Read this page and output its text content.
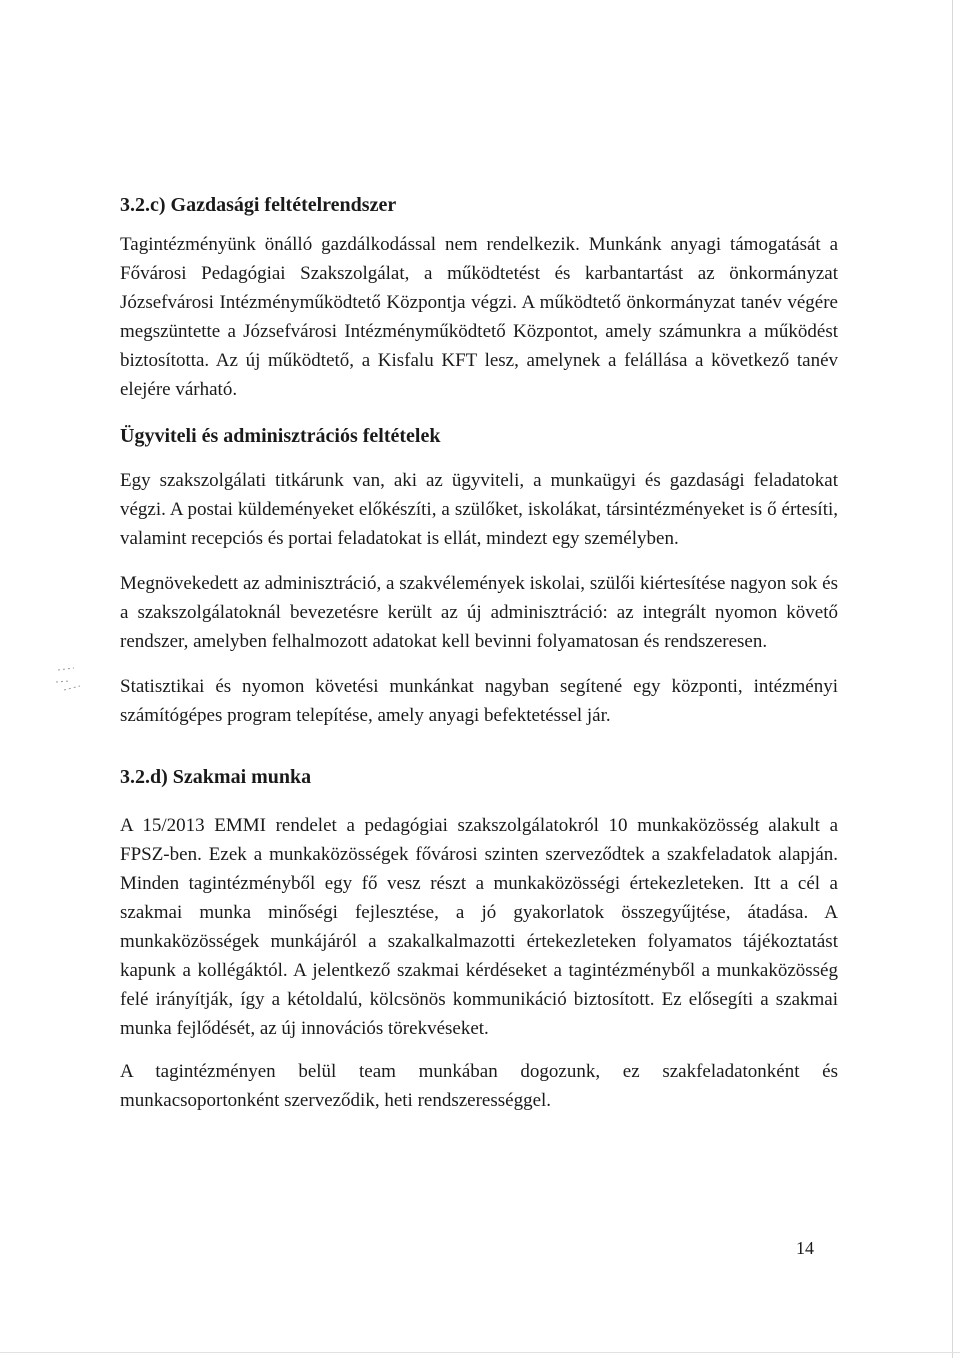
3.2.c) Gazdasági feltételrendszer

Tagintézményünk önálló gazdálkodással nem rendelkezik. Munkánk anyagi támogatását a Fővárosi Pedagógiai Szakszolgálat, a működtetést és karbantartást az önkormányzat Józsefvárosi Intézményműködtető Központja végzi. A működtető önkormányzat tanév végére megszüntette a Józsefvárosi Intézményműködtető Központot, amely számunkra a működést biztosította. Az új működtető, a Kisfalu KFT lesz, amelynek a felállása a következő tanév elejére várható.

Ügyviteli és adminisztrációs feltételek

Egy szakszolgálati titkárunk van, aki az ügyviteli, a munkaügyi és gazdasági feladatokat végzi. A postai küldeményeket előkészíti, a szülőket, iskolákat, társintézményeket is ő értesíti, valamint recepciós és portai feladatokat is ellát, mindezt egy személyben.

Megnövekedett az adminisztráció, a szakvélemények iskolai, szülői kiértesítése nagyon sok és a szakszolgálatoknál bevezetésre került az új adminisztráció: az integrált nyomon követő rendszer, amelyben felhalmozott adatokat kell bevinni folyamatosan és rendszeresen.

Statisztikai és nyomon követési munkánkat nagyban segítené egy központi, intézményi számítógépes program telepítése, amely anyagi befektetéssel jár.

3.2.d) Szakmai munka

A 15/2013 EMMI rendelet a pedagógiai szakszolgálatokról 10 munkaközösség alakult a FPSZ-ben. Ezek a munkaközösségek fővárosi szinten szerveződtek a szakfeladatok alapján. Minden tagintézményből egy fő vesz részt a munkaközösségi értekezleteken. Itt a cél a szakmai munka minőségi fejlesztése, a jó gyakorlatok összegyűjtése, átadása. A munkaközösségek munkájáról a szakalkalmazotti értekezleteken folyamatos tájékoztatást kapunk a kollégáktól. A jelentkező szakmai kérdéseket a tagintézményből a munkaközösség felé irányítják, így a kétoldalú, kölcsönös kommunikáció biztosított. Ez elősegíti a szakmai munka fejlődését, az új innovációs törekvéseket.

A tagintézményen belül team munkában dogozunk, ez szakfeladatonként és munkacsoportonként szerveződik, heti rendszerességgel.

14
